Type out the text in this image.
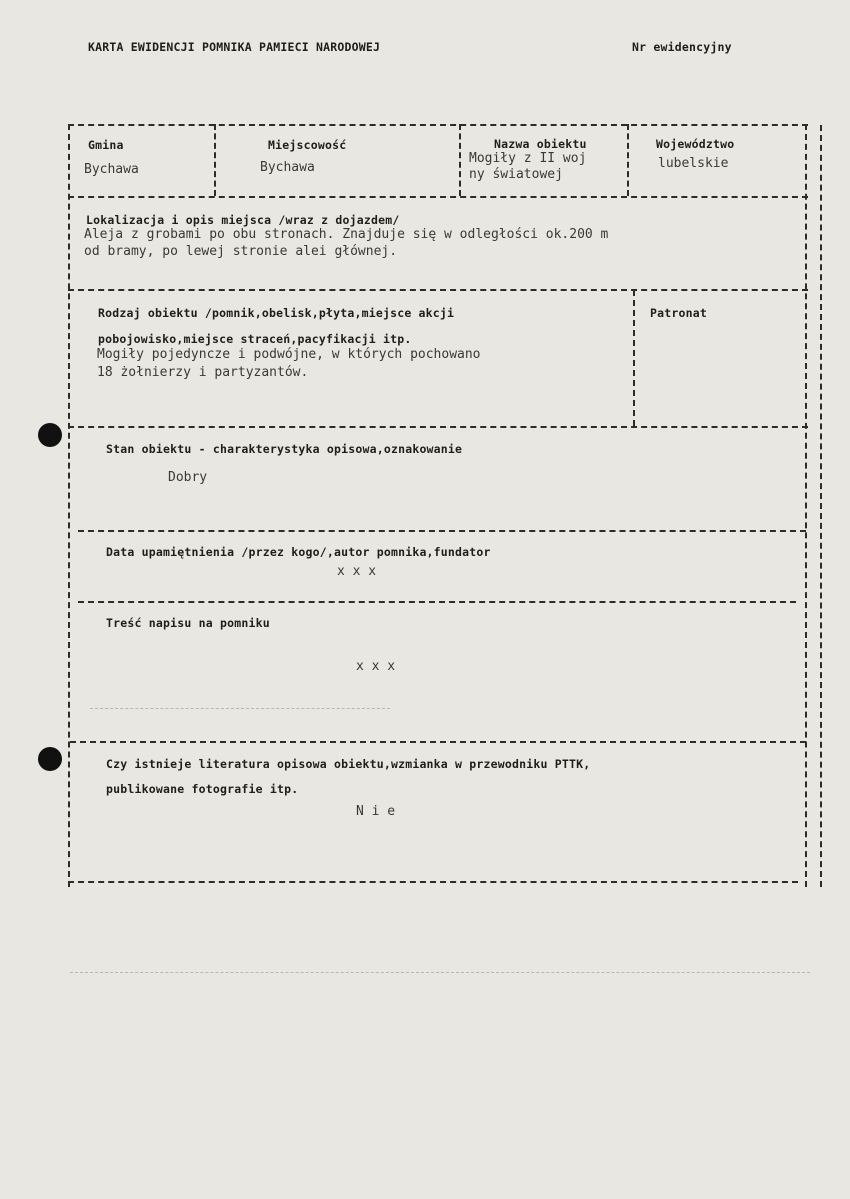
KARTA EWIDENCJI POMNIKA PAMIECI NARODOWEJ	Nr ewidencyjny
Gmina
Bychawa
Miejscowość
Bychawa
Nazwa obiektu
Mogiły z II woj
ny światowej
Województwo
lubelskie
Lokalizacja i opis miejsca /wraz z dojazdem/
Aleja z grobami po obu stronach. Znajduje się w odległości ok.200 m
od bramy, po lewej stronie alei głównej.
Rodzaj obiektu /pomnik,obelisk,płyta,miejsce akcji
pobojowisko,miejsce straceń,pacyfikacji itp.
Mogiły pojedyncze i podwójne, w których pochowano
18 żołnierzy i partyzantów.
Patronat
Stan obiektu - charakterystyka opisowa,oznakowanie
Dobry
Data upamiętnienia /przez kogo/,autor pomnika,fundator
x x x
Treść napisu na pomniku
x x x
Czy istnieje literatura opisowa obiektu,wzmianka w przewodniku PTTK,
publikowane fotografie itp.
N i e
